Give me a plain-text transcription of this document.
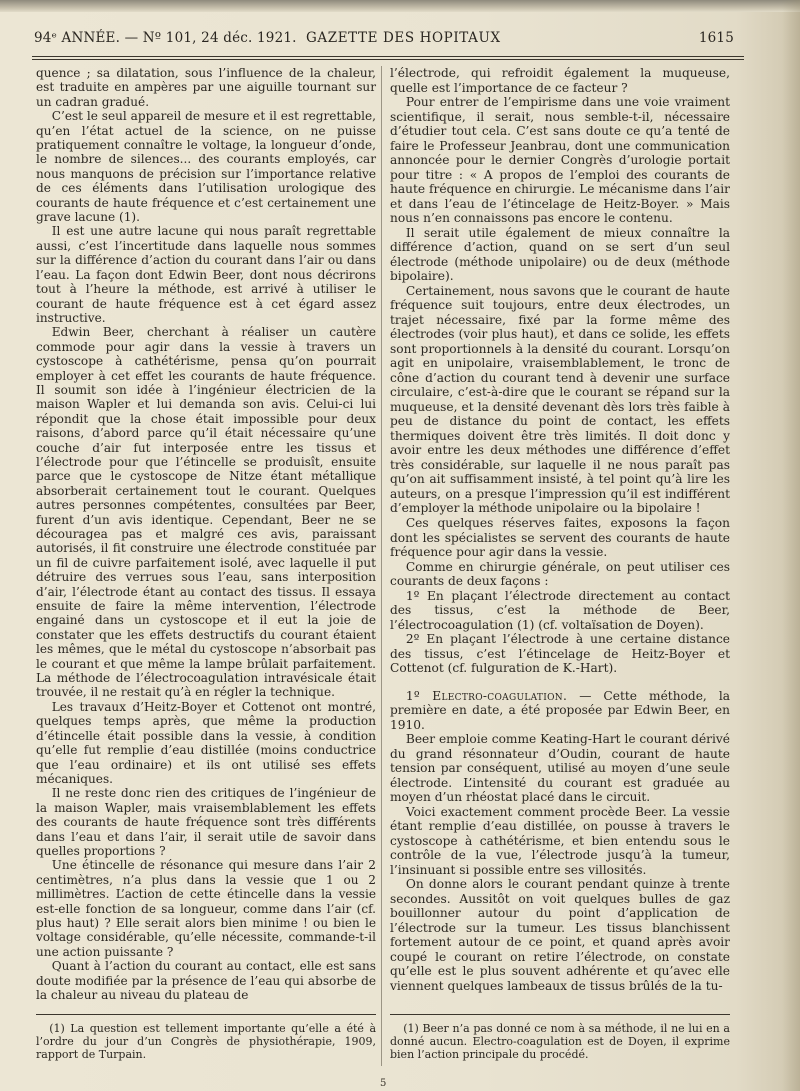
94ᵉ ANNÉE. — Nº 101, 24 déc. 1921. GAZETTE DES HOPITAUX	1615

quence ; sa dilatation, sous l’influence de la chaleur, est traduite en ampères par une aiguille tournant sur un cadran gradué.

C’est le seul appareil de mesure et il est regrettable, qu’en l’état actuel de la science, on ne puisse pratiquement connaître le voltage, la longueur d’onde, le nombre de silences... des courants employés, car nous manquons de précision sur l’importance relative de ces éléments dans l’utilisation urologique des courants de haute fréquence et c’est certainement une grave lacune (1).

Il est une autre lacune qui nous paraît regrettable aussi, c’est l’incertitude dans laquelle nous sommes sur la différence d’action du courant dans l’air ou dans l’eau. La façon dont Edwin Beer, dont nous décrirons tout à l’heure la méthode, est arrivé à utiliser le courant de haute fréquence est à cet égard assez instructive.

Edwin Beer, cherchant à réaliser un cautère commode pour agir dans la vessie à travers un cystoscope à cathétérisme, pensa qu’on pourrait employer à cet effet les courants de haute fréquence. Il soumit son idée à l’ingénieur électricien de la maison Wapler et lui demanda son avis. Celui-ci lui répondit que la chose était impossible pour deux raisons, d’abord parce qu’il était nécessaire qu’une couche d’air fut interposée entre les tissus et l’électrode pour que l’étincelle se produisît, ensuite parce que le cystoscope de Nitze étant métallique absorberait certainement tout le courant. Quelques autres personnes compétentes, consultées par Beer, furent d’un avis identique. Cependant, Beer ne se découragea pas et malgré ces avis, paraissant autorisés, il fit construire une électrode constituée par un fil de cuivre parfaitement isolé, avec laquelle il put détruire des verrues sous l’eau, sans interposition d’air, l’électrode étant au contact des tissus. Il essaya ensuite de faire la même intervention, l’électrode engainé dans un cystoscope et il eut la joie de constater que les effets destructifs du courant étaient les mêmes, que le métal du cystoscope n’absorbait pas le courant et que même la lampe brûlait parfaitement. La méthode de l’électrocoagulation intravésicale était trouvée, il ne restait qu’à en régler la technique.

Les travaux d’Heitz-Boyer et Cottenot ont montré, quelques temps après, que même la production d’étincelle était possible dans la vessie, à condition qu’elle fut remplie d’eau distillée (moins conductrice que l’eau ordinaire) et ils ont utilisé ses effets mécaniques.

Il ne reste donc rien des critiques de l’ingénieur de la maison Wapler, mais vraisemblablement les effets des courants de haute fréquence sont très différents dans l’eau et dans l’air, il serait utile de savoir dans quelles proportions ?

Une étincelle de résonance qui mesure dans l’air 2 centimètres, n’a plus dans la vessie que 1 ou 2 millimètres. L’action de cette étincelle dans la vessie est-elle fonction de sa longueur, comme dans l’air (cf. plus haut) ? Elle serait alors bien minime ! ou bien le voltage considérable, qu’elle nécessite, commande-t-il une action puissante ?

Quant à l’action du courant au contact, elle est sans doute modifiée par la présence de l’eau qui absorbe de la chaleur au niveau du plateau de

l’électrode, qui refroidit également la muqueuse, quelle est l’importance de ce facteur ?

Pour entrer de l’empirisme dans une voie vraiment scientifique, il serait, nous semble-t-il, nécessaire d’étudier tout cela. C’est sans doute ce qu’a tenté de faire le Professeur Jeanbrau, dont une communication annoncée pour le dernier Congrès d’urologie portait pour titre : « A propos de l’emploi des courants de haute fréquence en chirurgie. Le mécanisme dans l’air et dans l’eau de l’étincelage de Heitz-Boyer. » Mais nous n’en connaissons pas encore le contenu.

Il serait utile également de mieux connaître la différence d’action, quand on se sert d’un seul électrode (méthode unipolaire) ou de deux (méthode bipolaire).

Certainement, nous savons que le courant de haute fréquence suit toujours, entre deux électrodes, un trajet nécessaire, fixé par la forme même des électrodes (voir plus haut), et dans ce solide, les effets sont proportionnels à la densité du courant. Lorsqu’on agit en unipolaire, vraisemblablement, le tronc de cône d’action du courant tend à devenir une surface circulaire, c’est-à-dire que le courant se répand sur la muqueuse, et la densité devenant dès lors très faible à peu de distance du point de contact, les effets thermiques doivent être très limités. Il doit donc y avoir entre les deux méthodes une différence d’effet très considérable, sur laquelle il ne nous paraît pas qu’on ait suffisamment insisté, à tel point qu’à lire les auteurs, on a presque l’impression qu’il est indifférent d’employer la méthode unipolaire ou la bipolaire !

Ces quelques réserves faites, exposons la façon dont les spécialistes se servent des courants de haute fréquence pour agir dans la vessie.

Comme en chirurgie générale, on peut utiliser ces courants de deux façons :

1º En plaçant l’électrode directement au contact des tissus, c’est la méthode de Beer, l’électrocoagulation (1) (cf. voltaïsation de Doyen).

2º En plaçant l’électrode à une certaine distance des tissus, c’est l’étincelage de Heitz-Boyer et Cottenot (cf. fulguration de K.-Hart).

1º Electro-coagulation. — Cette méthode, la première en date, a été proposée par Edwin Beer, en 1910.

Beer emploie comme Keating-Hart le courant dérivé du grand résonnateur d’Oudin, courant de haute tension par conséquent, utilisé au moyen d’une seule électrode. L’intensité du courant est graduée au moyen d’un rhéostat placé dans le circuit.

Voici exactement comment procède Beer. La vessie étant remplie d’eau distillée, on pousse à travers le cystoscope à cathétérisme, et bien entendu sous le contrôle de la vue, l’électrode jusqu’à la tumeur, l’insinuant si possible entre ses villosités.

On donne alors le courant pendant quinze à trente secondes. Aussitôt on voit quelques bulles de gaz bouillonner autour du point d’application de l’électrode sur la tumeur. Les tissus blanchissent fortement autour de ce point, et quand après avoir coupé le courant on retire l’électrode, on constate qu’elle est le plus souvent adhérente et qu’avec elle viennent quelques lambeaux de tissus brûlés de la tu-

(1) La question est tellement importante qu’elle a été à l’ordre du jour d’un Congrès de physiothérapie, 1909, rapport de Turpain.

(1) Beer n’a pas donné ce nom à sa méthode, il ne lui en a donné aucun. Electro-coagulation est de Doyen, il exprime bien l’action principale du procédé.

5
